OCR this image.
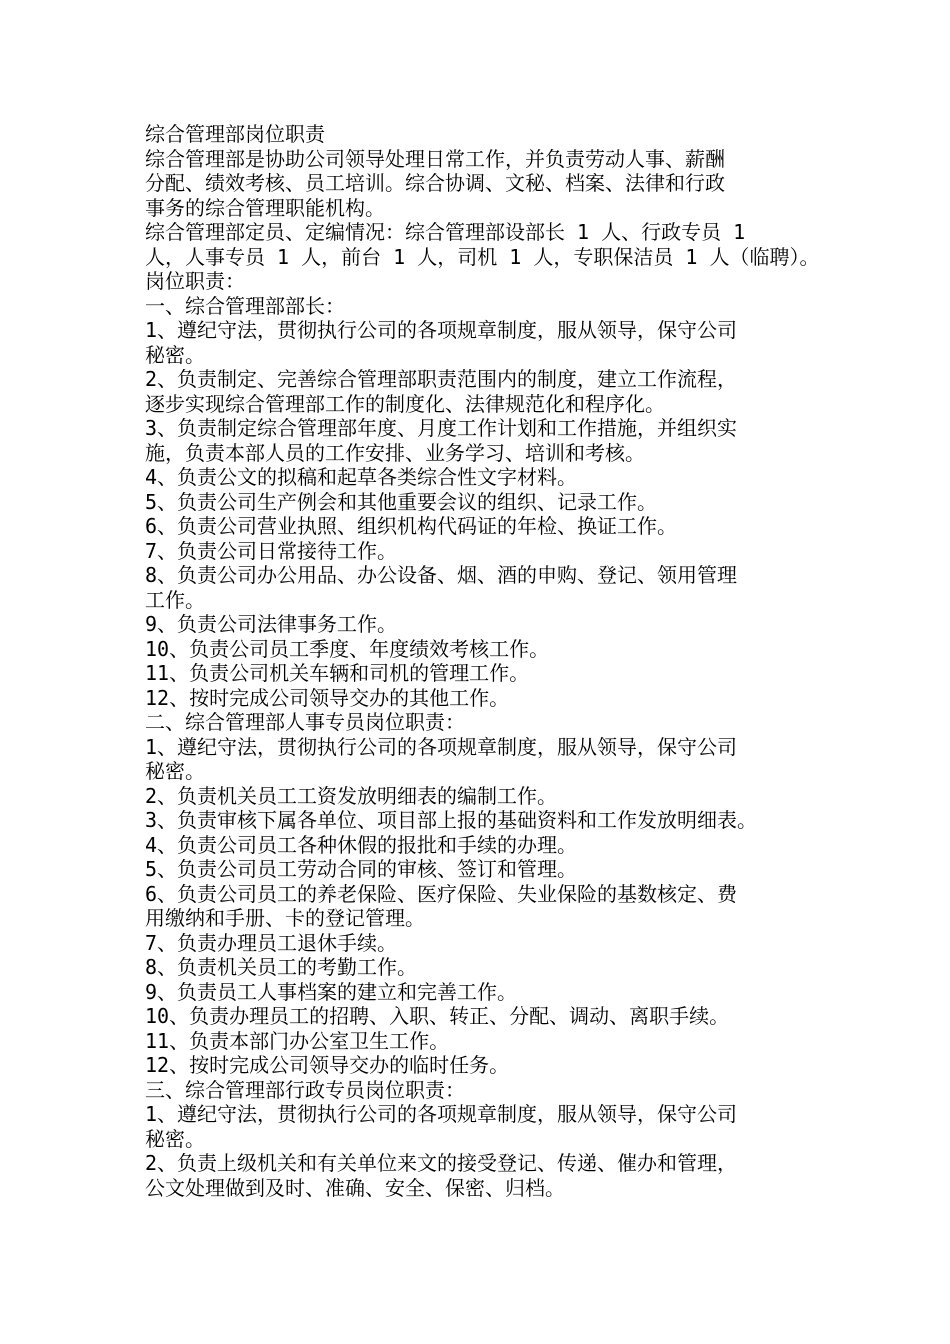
综合管理部岗位职责
综合管理部是协助公司领导处理日常工作，并负责劳动人事、薪酬
分配、绩效考核、员工培训。综合协调、文秘、档案、法律和行政
事务的综合管理职能机构。
综合管理部定员、定编情况：综合管理部设部长 1 人、行政专员 1
人，人事专员 1 人，前台 1 人，司机 1 人，专职保洁员 1 人（临聘）。
岗位职责：
一、综合管理部部长：
1、遵纪守法，贯彻执行公司的各项规章制度，服从领导，保守公司
秘密。
2、负责制定、完善综合管理部职责范围内的制度，建立工作流程，
逐步实现综合管理部工作的制度化、法律规范化和程序化。
3、负责制定综合管理部年度、月度工作计划和工作措施，并组织实
施，负责本部人员的工作安排、业务学习、培训和考核。
4、负责公文的拟稿和起草各类综合性文字材料。
5、负责公司生产例会和其他重要会议的组织、记录工作。
6、负责公司营业执照、组织机构代码证的年检、换证工作。
7、负责公司日常接待工作。
8、负责公司办公用品、办公设备、烟、酒的申购、登记、领用管理
工作。
9、负责公司法律事务工作。
10、负责公司员工季度、年度绩效考核工作。
11、负责公司机关车辆和司机的管理工作。
12、按时完成公司领导交办的其他工作。
二、综合管理部人事专员岗位职责：
1、遵纪守法，贯彻执行公司的各项规章制度，服从领导，保守公司
秘密。
2、负责机关员工工资发放明细表的编制工作。
3、负责审核下属各单位、项目部上报的基础资料和工作发放明细表。
4、负责公司员工各种休假的报批和手续的办理。
5、负责公司员工劳动合同的审核、签订和管理。
6、负责公司员工的养老保险、医疗保险、失业保险的基数核定、费
用缴纳和手册、卡的登记管理。
7、负责办理员工退休手续。
8、负责机关员工的考勤工作。
9、负责员工人事档案的建立和完善工作。
10、负责办理员工的招聘、入职、转正、分配、调动、离职手续。
11、负责本部门办公室卫生工作。
12、按时完成公司领导交办的临时任务。
三、综合管理部行政专员岗位职责：
1、遵纪守法，贯彻执行公司的各项规章制度，服从领导，保守公司
秘密。
2、负责上级机关和有关单位来文的接受登记、传递、催办和管理，
公文处理做到及时、准确、安全、保密、归档。
